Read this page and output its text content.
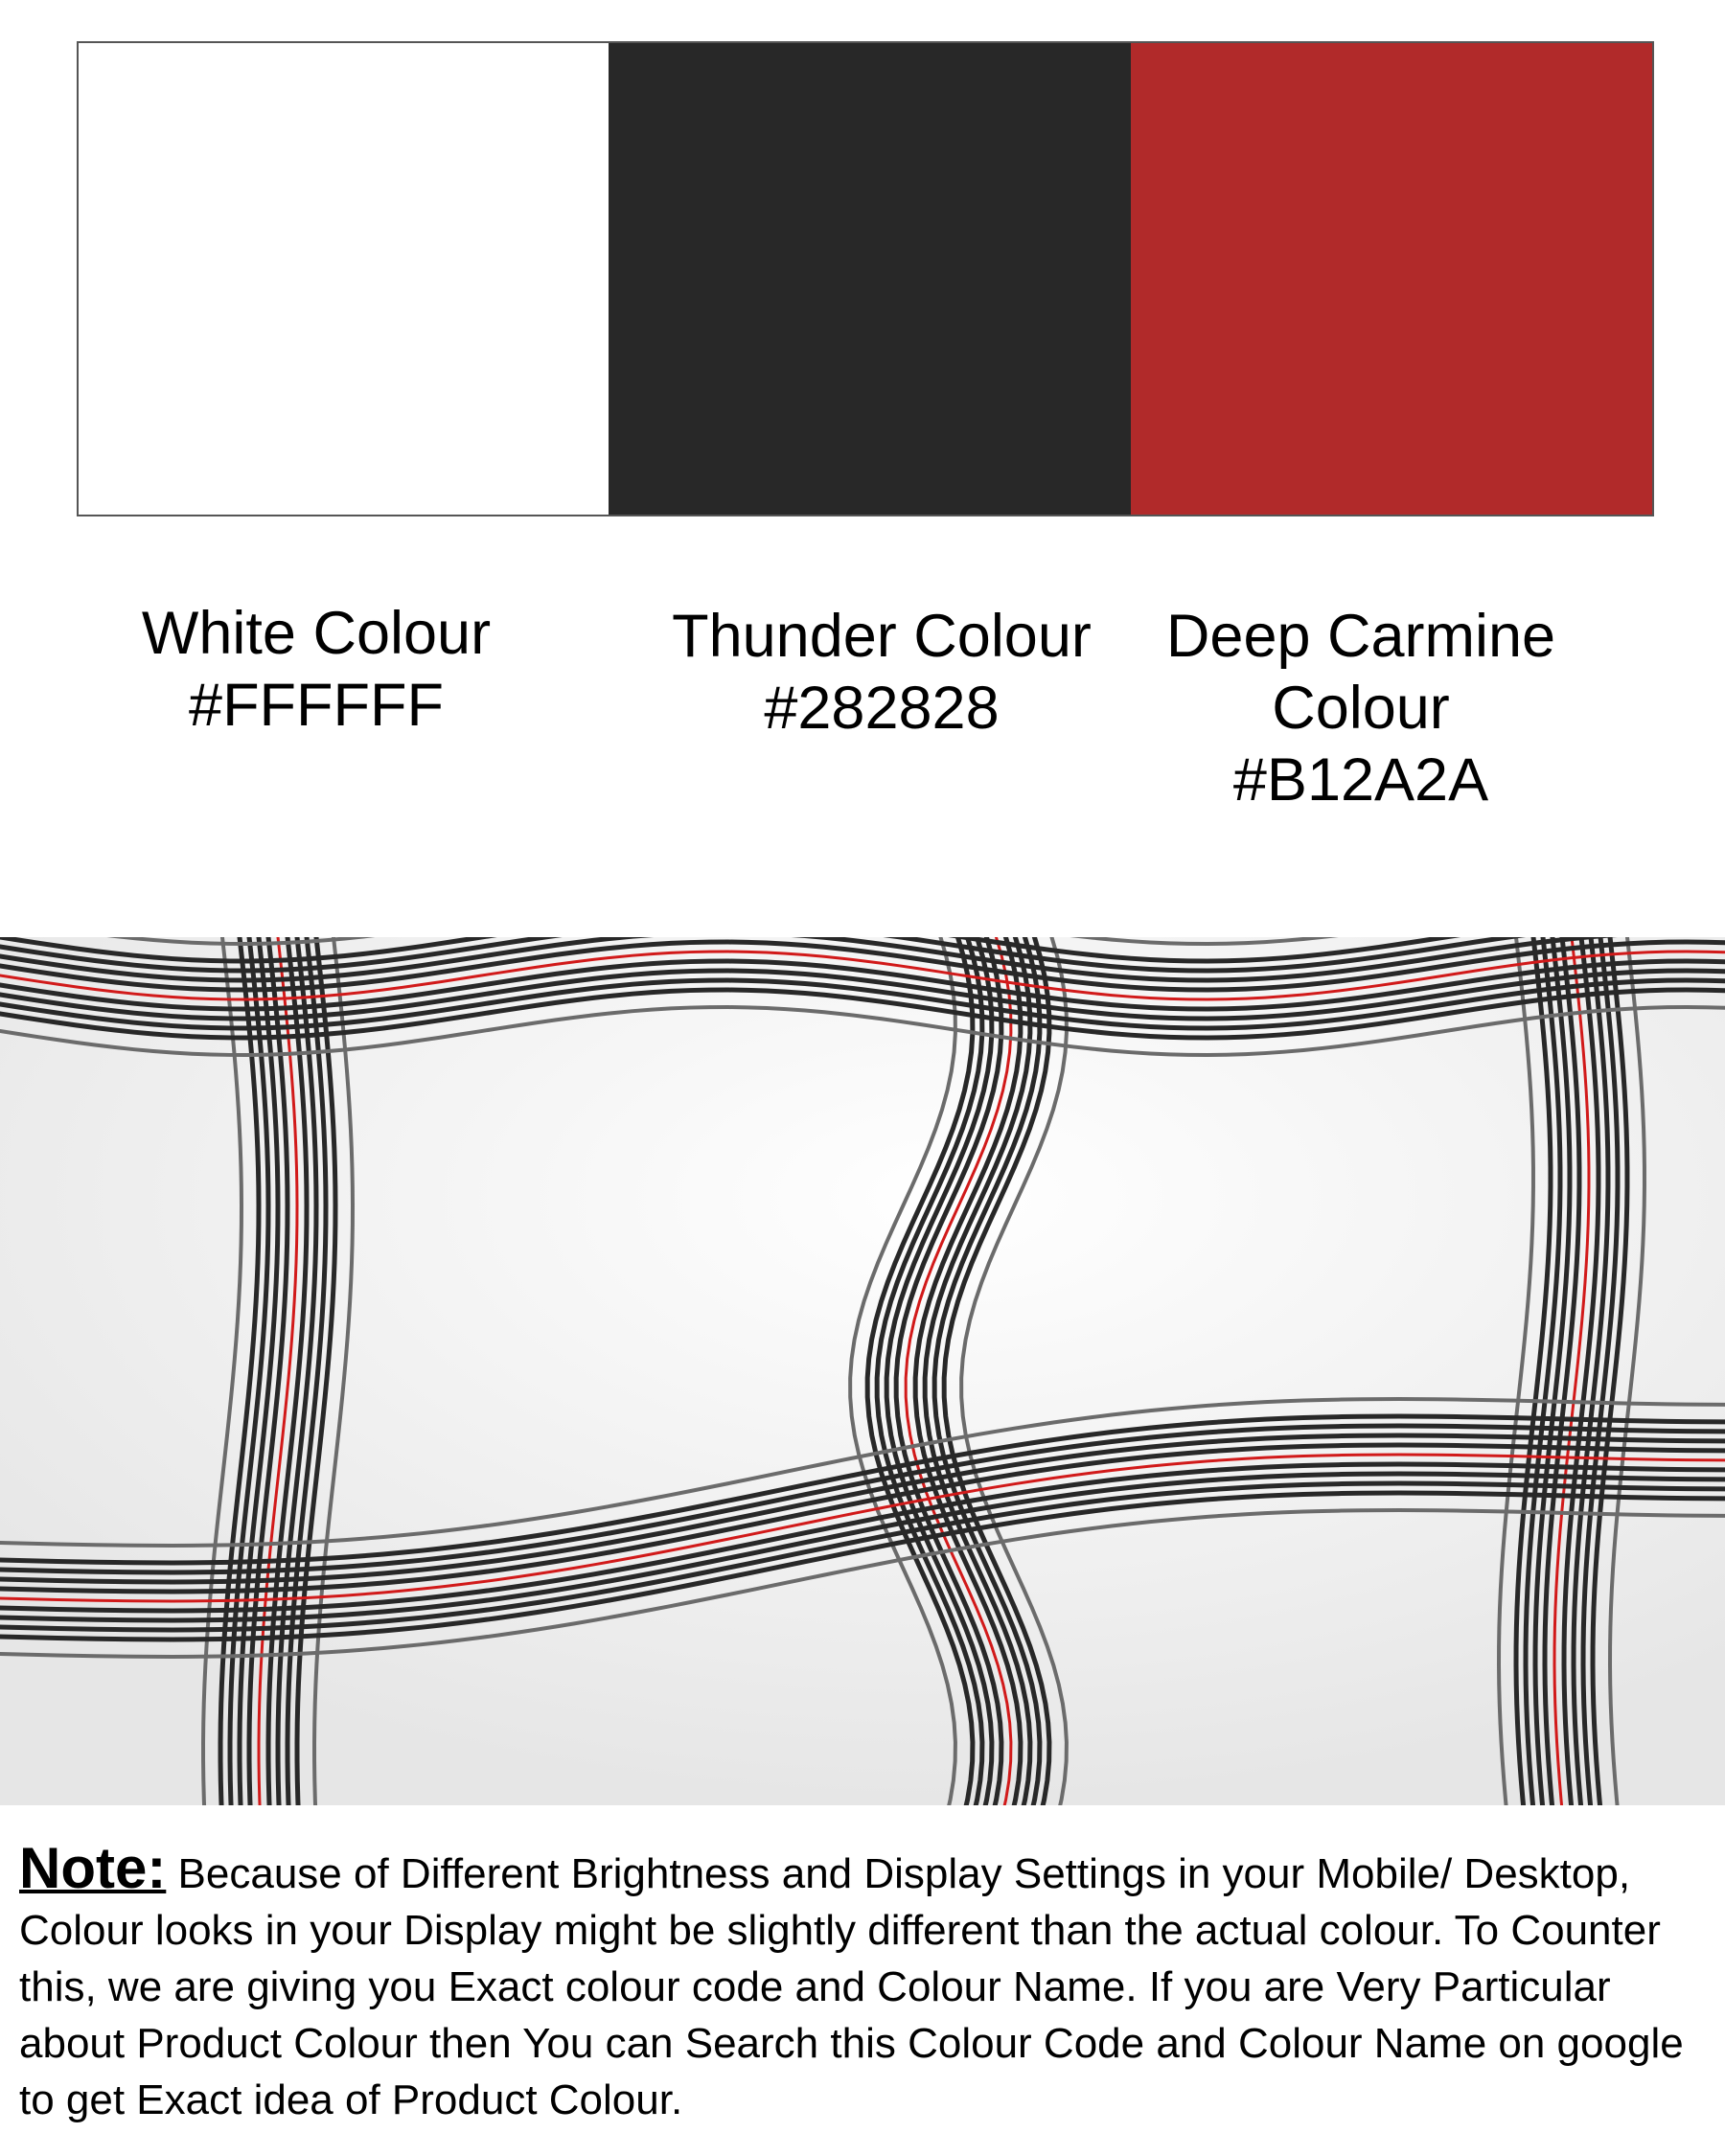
White Colour
#FFFFFF
Thunder Colour
#282828
Deep Carmine
Colour
#B12A2A
Note: Because of Different Brightness and Display Settings in your Mobile/ Desktop, Colour looks in your Display might be slightly different than the actual colour. To Counter this, we are giving you Exact colour code and Colour Name. If you are Very Particular about Product Colour then You can Search this Colour Code and Colour Name on google to get Exact idea of Product Colour.
